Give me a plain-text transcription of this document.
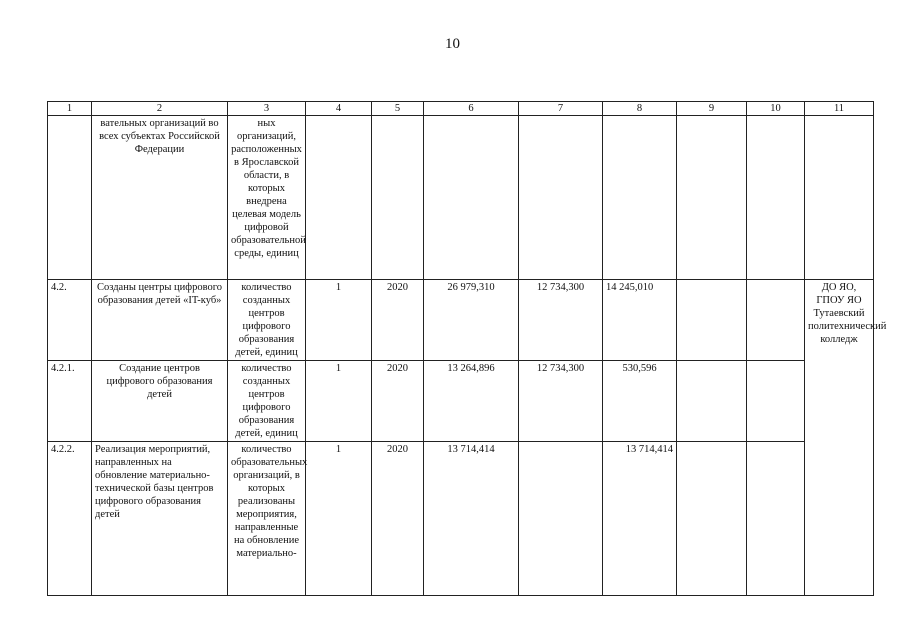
10
1	2	3	4	5	6	7	8	9	10	11
	вательных организаций во всех субъектах Российской Федерации	ных организаций, расположенных в Ярославской области, в которых внедрена целевая модель цифровой образовательной среды, единиц								
4.2.	Созданы центры цифрового образования детей «IT-куб»	количество созданных центров цифрового образования детей, единиц	1	2020	26 979,310	12 734,300	14 245,010			ДО ЯО, ГПОУ ЯО Тутаевский политехнический колледж
4.2.1.	Создание центров цифрового образования детей	количество созданных центров цифрового образования детей, единиц	1	2020	13 264,896	12 734,300	530,596			
4.2.2.	Реализация мероприятий, направленных на обновление материально-технической базы центров цифрового образования детей	количество образовательных организаций, в которых реализованы мероприятия, направленные на обновление материально-	1	2020	13 714,414		13 714,414			
